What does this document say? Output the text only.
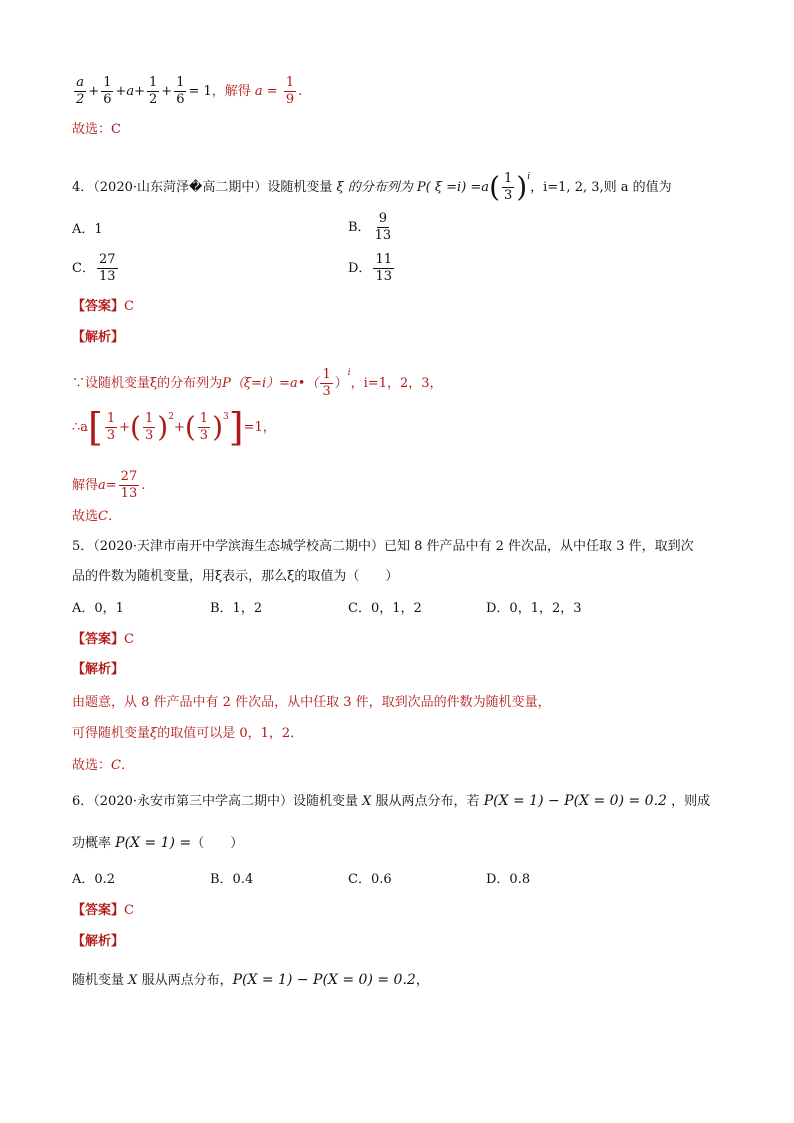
$\frac{a}{2} + \frac{1}{6} +a+ \frac{1}{2} + \frac{1}{6} = 1$，解得 $a = \frac{1}{9}$ .
故选：C
4．（2020·山东菏泽�高二期中）设随机变量 ξ 的分布列为 P( $\xi =i) =a( \frac{1}{3} )^i$，i=1, 2, 3,则 a 的值为
A．1	B． $\frac{9}{13}$
C． $\frac{27}{13}$	D． $\frac{11}{13}$
【答案】C
【解析】
∵设随机变量ξ的分布列为P（ξ=i）=a•（ $\frac{1}{3} )^i$，i=1，2，3，
∴a[ $\frac{1}{3}$ +( $\frac{1}{3} )^2+( \frac{1}{3} )^3]=1$，
解得$a= \frac{27}{13}$ .
故选C．
5．（2020·天津市南开中学滨海生态城学校高二期中）已知 8 件产品中有 2 件次品，从中任取 3 件，取到次
品的件数为随机变量，用ξ表示，那么ξ的取值为（　　）
A．0，1	B．1，2	C．0，1，2	D．0，1，2，3
【答案】C
【解析】
由题意，从 8 件产品中有 2 件次品，从中任取 3 件，取到次品的件数为随机变量，
可得随机变量ξ的取值可以是 0，1，2．
故选：C．
6．（2020·永安市第三中学高二期中）设随机变量 X 服从两点分布，若 P(X = 1) − P(X = 0) = 0.2 ，则成
功概率 P(X = 1) =（　　）
A．0.2	B．0.4	C．0.6	D．0.8
【答案】C
【解析】
随机变量 X 服从两点分布，P(X = 1) − P(X = 0) = 0.2，
